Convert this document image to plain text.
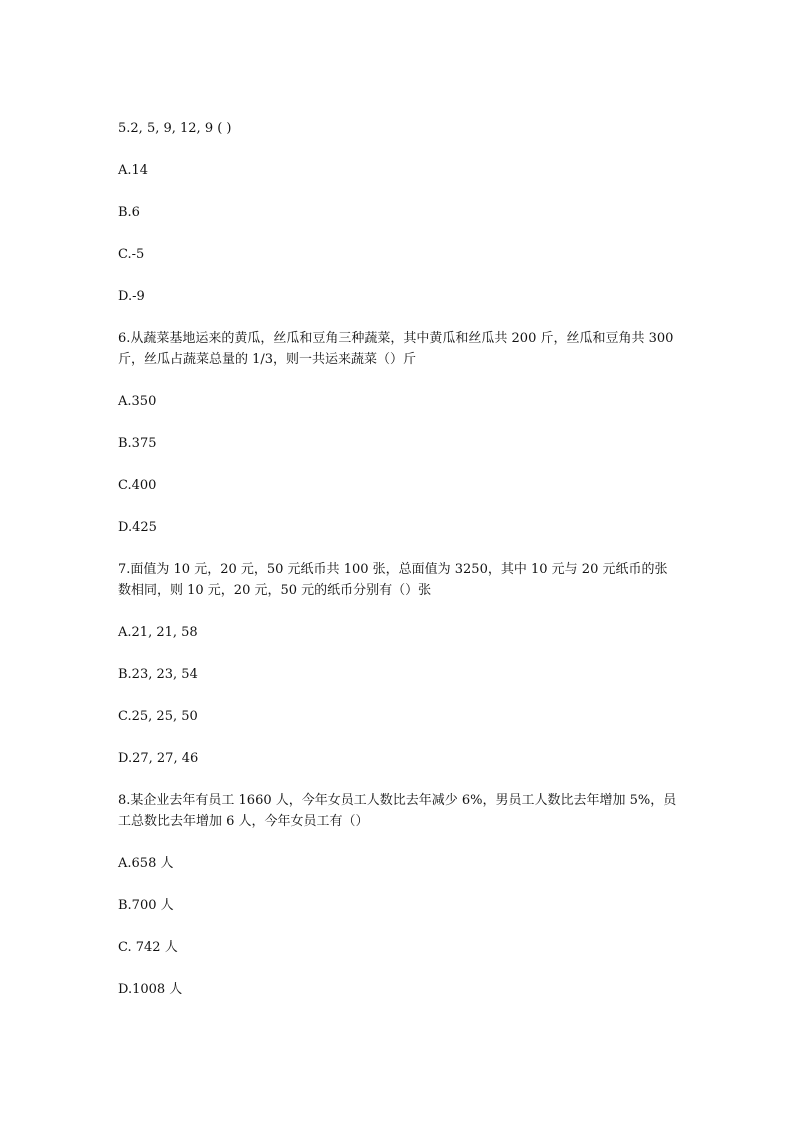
5.2, 5, 9, 12, 9 ( )

A.14

B.6

C.-5

D.-9

6.从蔬菜基地运来的黄瓜，丝瓜和豆角三种蔬菜，其中黄瓜和丝瓜共 200 斤，丝瓜和豆角共 300 斤，丝瓜占蔬菜总量的 1/3，则一共运来蔬菜（）斤

A.350

B.375

C.400

D.425

7.面值为 10 元，20 元，50 元纸币共 100 张，总面值为 3250，其中 10 元与 20 元纸币的张数相同，则 10 元，20 元，50 元的纸币分别有（）张

A.21, 21, 58

B.23, 23, 54

C.25, 25, 50

D.27, 27, 46

8.某企业去年有员工 1660 人，今年女员工人数比去年减少 6%，男员工人数比去年增加 5%，员工总数比去年增加 6 人，今年女员工有（）

A.658 人

B.700 人

C. 742 人

D.1008 人
